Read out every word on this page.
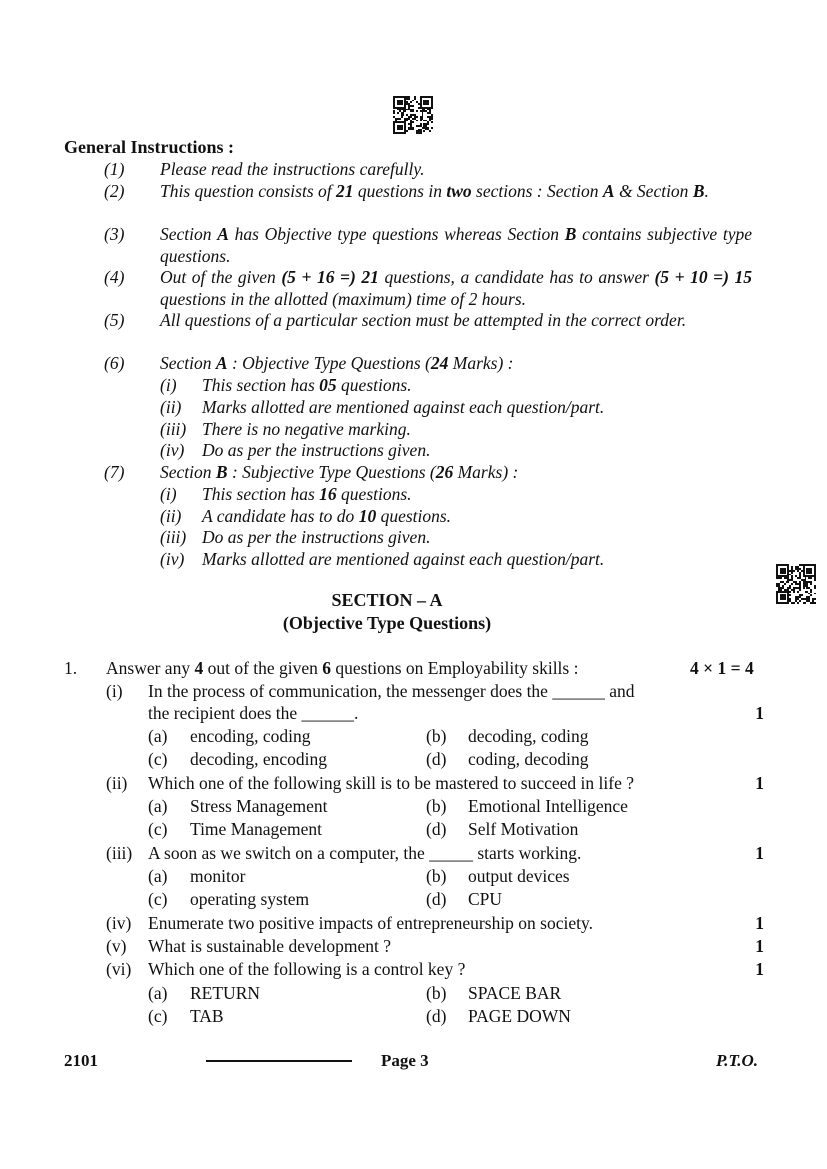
General Instructions :
(1) Please read the instructions carefully.
(2) This question consists of 21 questions in two sections : Section A & Section B.
(3) Section A has Objective type questions whereas Section B contains subjective type questions.
(4) Out of the given (5 + 16 =) 21 questions, a candidate has to answer (5 + 10 =) 15 questions in the allotted (maximum) time of 2 hours.
(5) All questions of a particular section must be attempted in the correct order.
(6) Section A : Objective Type Questions (24 Marks) :
(i) This section has 05 questions.
(ii) Marks allotted are mentioned against each question/part.
(iii) There is no negative marking.
(iv) Do as per the instructions given.
(7) Section B : Subjective Type Questions (26 Marks) :
(i) This section has 16 questions.
(ii) A candidate has to do 10 questions.
(iii) Do as per the instructions given.
(iv) Marks allotted are mentioned against each question/part.
SECTION – A
(Objective Type Questions)
1. Answer any 4 out of the given 6 questions on Employability skills :	4 × 1 = 4
(i) In the process of communication, the messenger does the ______ and
the recipient does the ______.	1
(a) encoding, coding	(b) decoding, coding
(c) decoding, encoding	(d) coding, decoding
(ii) Which one of the following skill is to be mastered to succeed in life ?	1
(a) Stress Management	(b) Emotional Intelligence
(c) Time Management	(d) Self Motivation
(iii) A soon as we switch on a computer, the _____ starts working.	1
(a) monitor	(b) output devices
(c) operating system	(d) CPU
(iv) Enumerate two positive impacts of entrepreneurship on society.	1
(v) What is sustainable development ?	1
(vi) Which one of the following is a control key ?	1
(a) RETURN	(b) SPACE BAR
(c) TAB	(d) PAGE DOWN
2101	Page 3	P.T.O.
